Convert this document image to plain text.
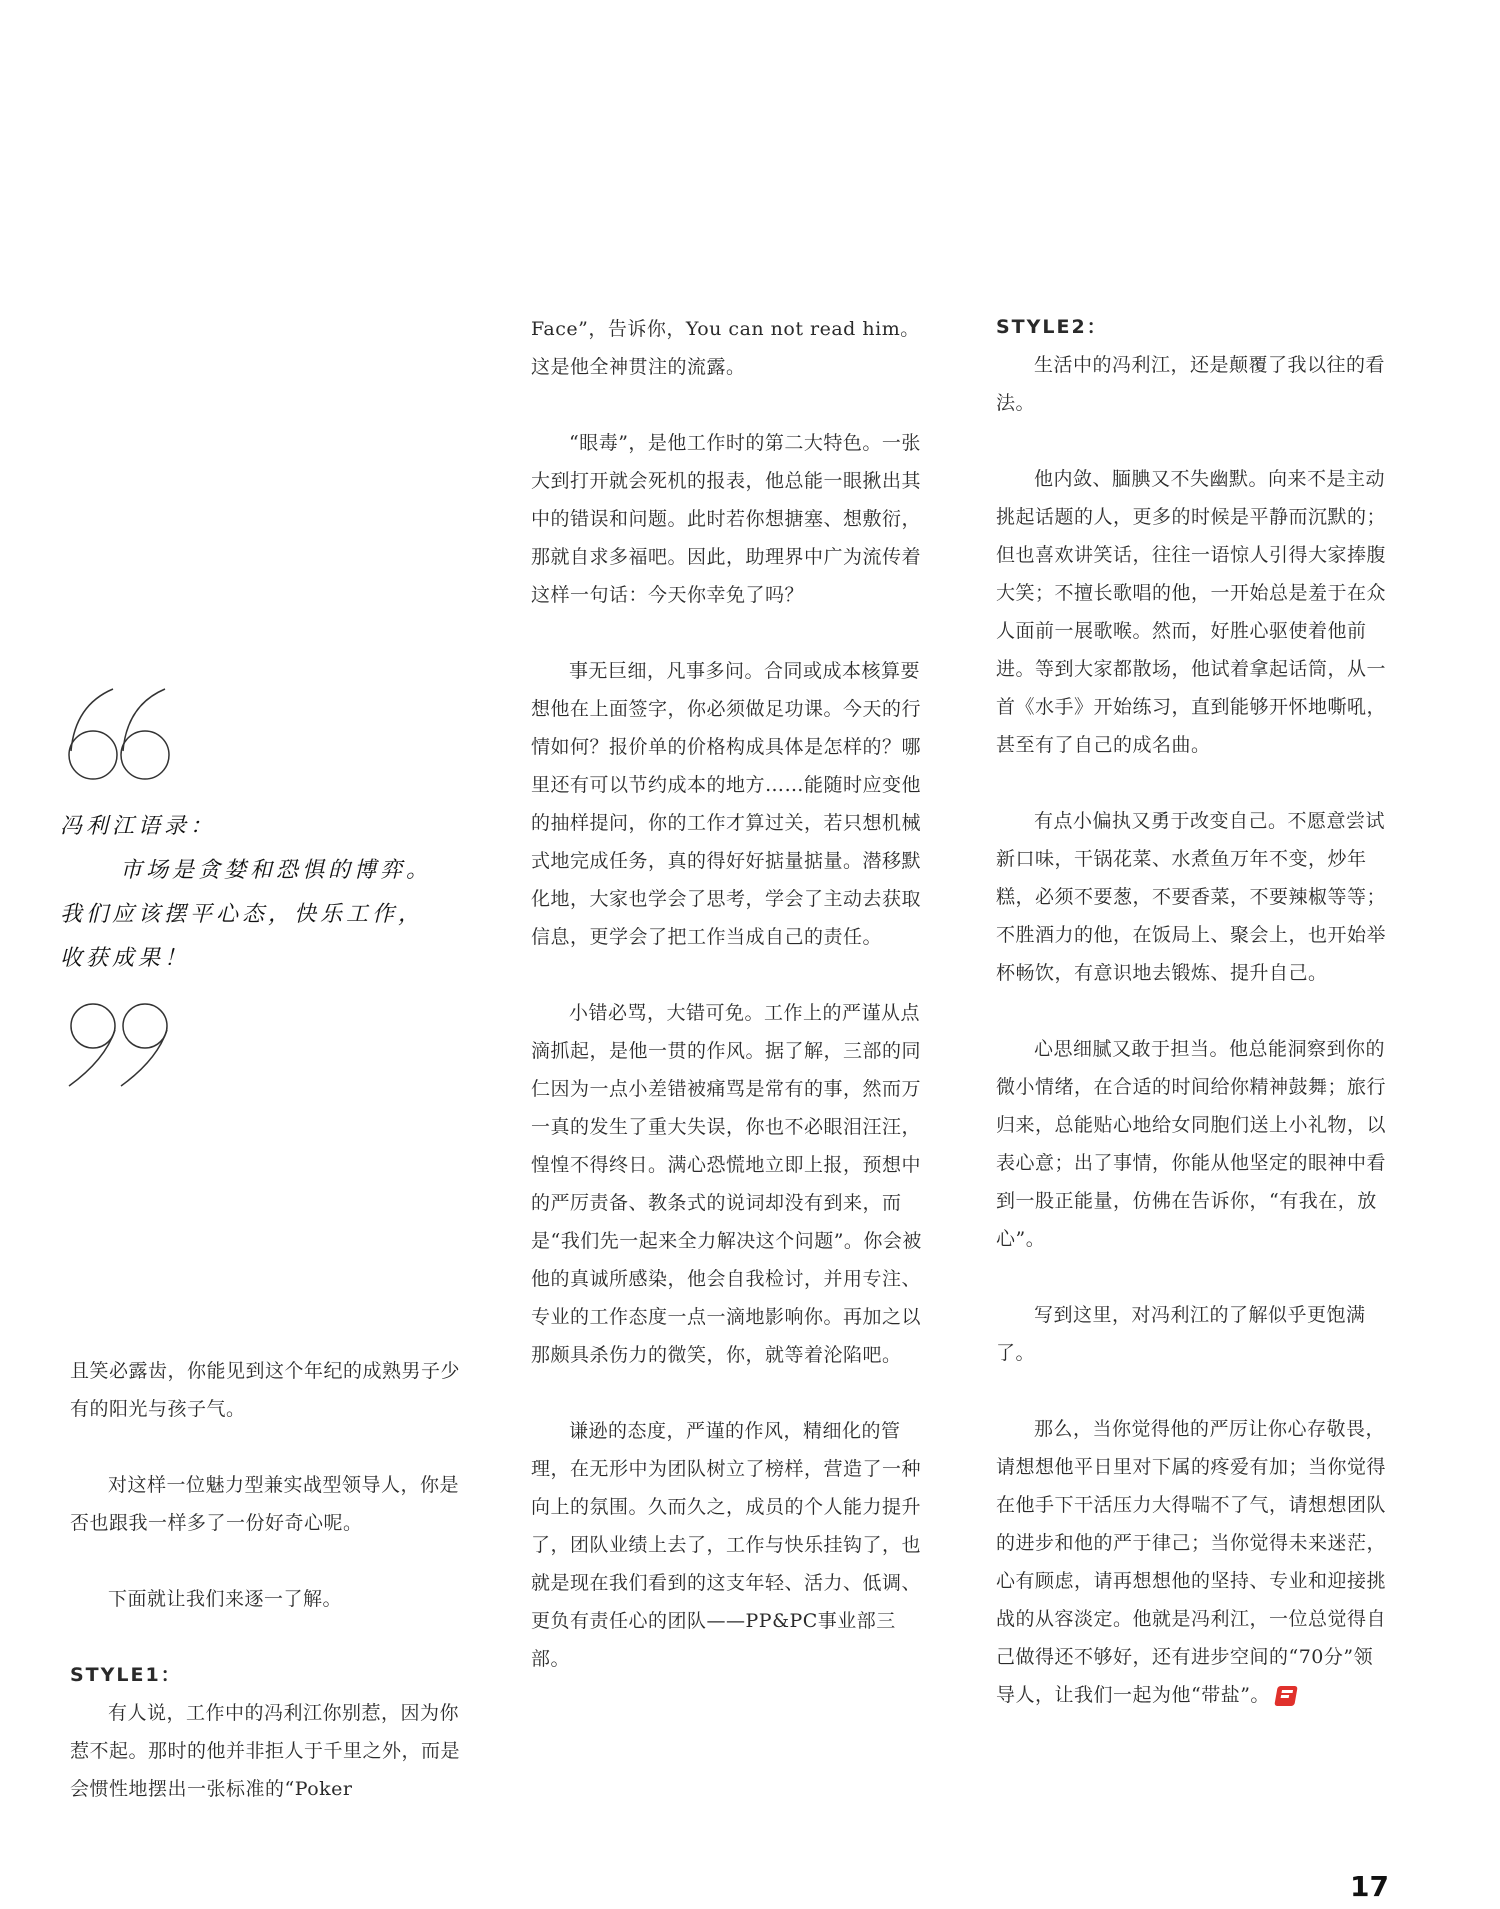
冯利江语录：
市场是贪婪和恐惧的博弈。
我们应该摆平心态，快乐工作，
收获成果！

且笑必露齿，你能见到这个年纪的成熟男子少有的阳光与孩子气。

对这样一位魅力型兼实战型领导人，你是否也跟我一样多了一份好奇心呢。

下面就让我们来逐一了解。

STYLE1：

有人说，工作中的冯利江你别惹，因为你惹不起。那时的他并非拒人于千里之外，而是会惯性地摆出一张标准的“Poker

Face”，告诉你，You can not read him。这是他全神贯注的流露。

“眼毒”，是他工作时的第二大特色。一张大到打开就会死机的报表，他总能一眼揪出其中的错误和问题。此时若你想搪塞、想敷衍，那就自求多福吧。因此，助理界中广为流传着这样一句话：今天你幸免了吗？

事无巨细，凡事多问。合同或成本核算要想他在上面签字，你必须做足功课。今天的行情如何？报价单的价格构成具体是怎样的？哪里还有可以节约成本的地方……能随时应变他的抽样提问，你的工作才算过关，若只想机械式地完成任务，真的得好好掂量掂量。潜移默化地，大家也学会了思考，学会了主动去获取信息，更学会了把工作当成自己的责任。

小错必骂，大错可免。工作上的严谨从点滴抓起，是他一贯的作风。据了解，三部的同仁因为一点小差错被痛骂是常有的事，然而万一真的发生了重大失误，你也不必眼泪汪汪，惶惶不得终日。满心恐慌地立即上报，预想中的严厉责备、教条式的说词却没有到来，而是“我们先一起来全力解决这个问题”。你会被他的真诚所感染，他会自我检讨，并用专注、专业的工作态度一点一滴地影响你。再加之以那颇具杀伤力的微笑，你，就等着沦陷吧。

谦逊的态度，严谨的作风，精细化的管理，在无形中为团队树立了榜样，营造了一种向上的氛围。久而久之，成员的个人能力提升了，团队业绩上去了，工作与快乐挂钩了，也就是现在我们看到的这支年轻、活力、低调、更负有责任心的团队——PP&PC事业部三部。

STYLE2：

生活中的冯利江，还是颠覆了我以往的看法。

他内敛、腼腆又不失幽默。向来不是主动挑起话题的人，更多的时候是平静而沉默的；但也喜欢讲笑话，往往一语惊人引得大家捧腹大笑；不擅长歌唱的他，一开始总是羞于在众人面前一展歌喉。然而，好胜心驱使着他前进。等到大家都散场，他试着拿起话筒，从一首《水手》开始练习，直到能够开怀地嘶吼，甚至有了自己的成名曲。

有点小偏执又勇于改变自己。不愿意尝试新口味，干锅花菜、水煮鱼万年不变，炒年糕，必须不要葱，不要香菜，不要辣椒等等；不胜酒力的他，在饭局上、聚会上，也开始举杯畅饮，有意识地去锻炼、提升自己。

心思细腻又敢于担当。他总能洞察到你的微小情绪，在合适的时间给你精神鼓舞；旅行归来，总能贴心地给女同胞们送上小礼物，以表心意；出了事情，你能从他坚定的眼神中看到一股正能量，仿佛在告诉你，“有我在，放心”。

写到这里，对冯利江的了解似乎更饱满了。

那么，当你觉得他的严厉让你心存敬畏，请想想他平日里对下属的疼爱有加；当你觉得在他手下干活压力大得喘不了气，请想想团队的进步和他的严于律己；当你觉得未来迷茫，心有顾虑，请再想想他的坚持、专业和迎接挑战的从容淡定。他就是冯利江，一位总觉得自己做得还不够好，还有进步空间的“70分”领导人，让我们一起为他“带盐”。

17
